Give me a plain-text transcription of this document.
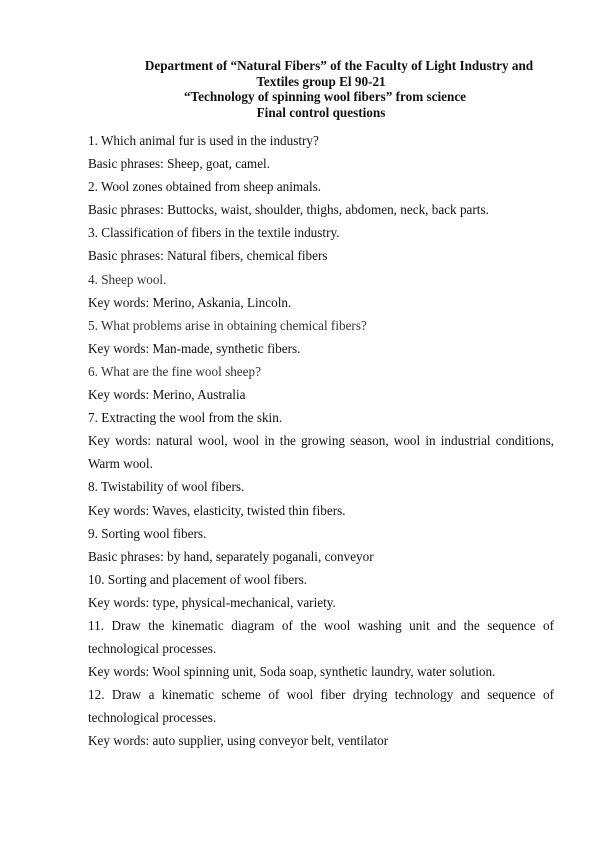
Department of “Natural Fibers” of the Faculty of Light Industry and
Textiles group El 90-21
“Technology of spinning wool fibers” from science
Final control questions
1. Which animal fur is used in the industry?
Basic phrases: Sheep, goat, camel.
2. Wool zones obtained from sheep animals.
Basic phrases: Buttocks, waist, shoulder, thighs, abdomen, neck, back parts.
3. Classification of fibers in the textile industry.
Basic phrases: Natural fibers, chemical fibers
4. Sheep wool.
Key words: Merino, Askania, Lincoln.
5. What problems arise in obtaining chemical fibers?
Key words: Man-made, synthetic fibers.
6. What are the fine wool sheep?
Key words: Merino, Australia
7. Extracting the wool from the skin.
Key words: natural wool, wool in the growing season, wool in industrial conditions, Warm wool.
8. Twistability of wool fibers.
Key words: Waves, elasticity, twisted thin fibers.
9. Sorting wool fibers.
Basic phrases: by hand, separately poganali, conveyor
10. Sorting and placement of wool fibers.
Key words: type, physical-mechanical, variety.
11. Draw the kinematic diagram of the wool washing unit and the sequence of technological processes.
Key words: Wool spinning unit, Soda soap, synthetic laundry, water solution.
12. Draw a kinematic scheme of wool fiber drying technology and sequence of technological processes.
Key words: auto supplier, using conveyor belt, ventilator
